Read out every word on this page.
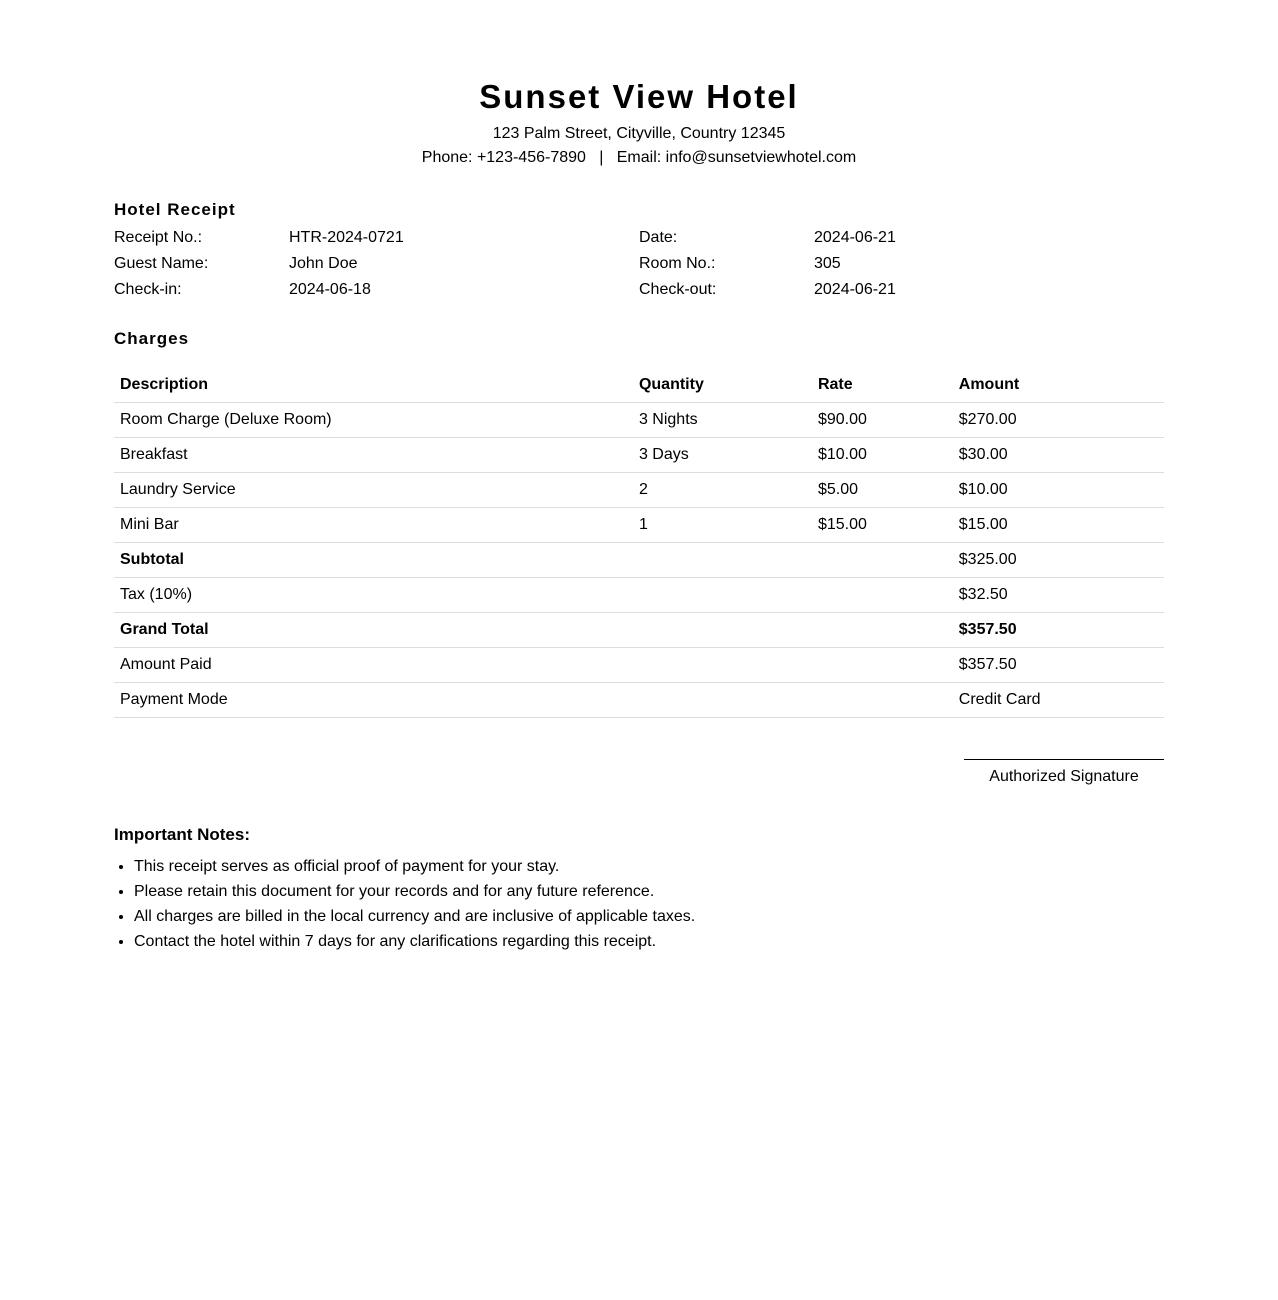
Sunset View Hotel
123 Palm Street, Cityville, Country 12345
Phone: +123-456-7890   |   Email: info@sunsetviewhotel.com
Hotel Receipt
Receipt No.:	HTR-2024-0721	Date:	2024-06-21
Guest Name:	John Doe	Room No.:	305
Check-in:	2024-06-18	Check-out:	2024-06-21
Charges
Description	Quantity	Rate	Amount
Room Charge (Deluxe Room)	3 Nights	$90.00	$270.00
Breakfast	3 Days	$10.00	$30.00
Laundry Service	2	$5.00	$10.00
Mini Bar	1	$15.00	$15.00
Subtotal			$325.00
Tax (10%)			$32.50
Grand Total			$357.50
Amount Paid			$357.50
Payment Mode			Credit Card
Authorized Signature
Important Notes:
• This receipt serves as official proof of payment for your stay.
• Please retain this document for your records and for any future reference.
• All charges are billed in the local currency and are inclusive of applicable taxes.
• Contact the hotel within 7 days for any clarifications regarding this receipt.
